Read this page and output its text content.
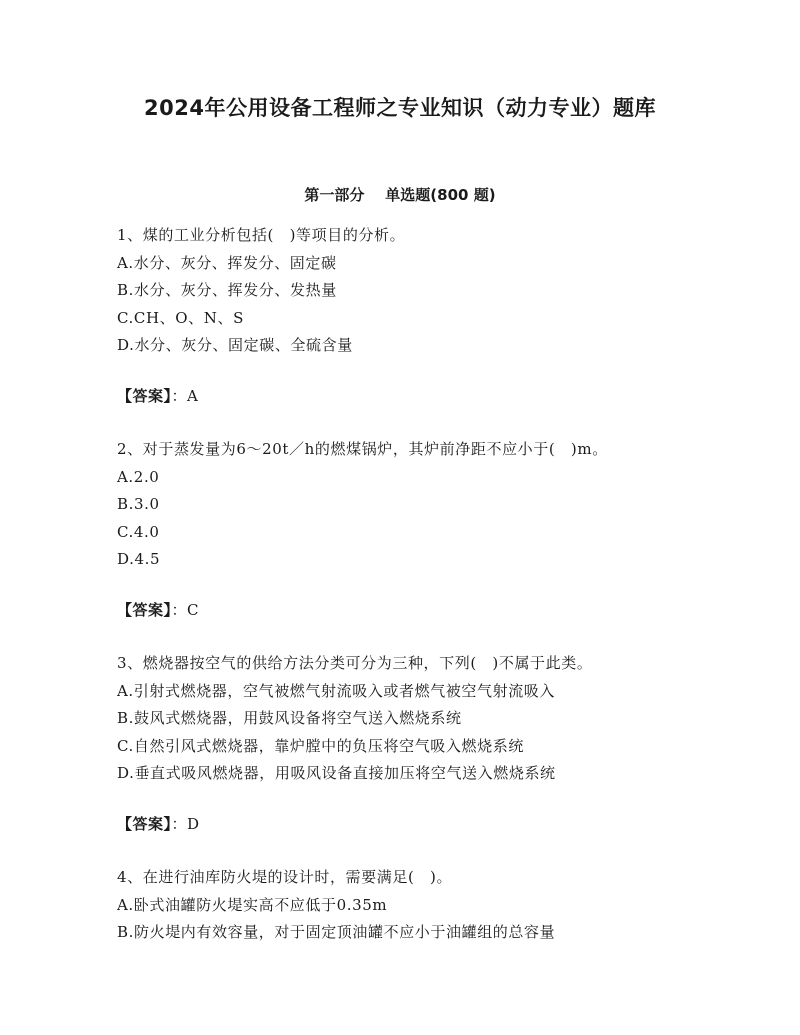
2024年公用设备工程师之专业知识（动力专业）题库
第一部分    单选题(800 题)

1、煤的工业分析包括(　)等项目的分析。

A.水分、灰分、挥发分、固定碳

B.水分、灰分、挥发分、发热量

C.CH、O、N、S

D.水分、灰分、固定碳、全硫含量

【答案】：A

2、对于蒸发量为6～20t／h的燃煤锅炉，其炉前净距不应小于(　)m。

A.2.0

B.3.0

C.4.0

D.4.5

【答案】：C

3、燃烧器按空气的供给方法分类可分为三种，下列(　)不属于此类。

A.引射式燃烧器，空气被燃气射流吸入或者燃气被空气射流吸入

B.鼓风式燃烧器，用鼓风设备将空气送入燃烧系统

C.自然引风式燃烧器，靠炉膛中的负压将空气吸入燃烧系统

D.垂直式吸风燃烧器，用吸风设备直接加压将空气送入燃烧系统

【答案】：D

4、在进行油库防火堤的设计时，需要满足(　)。

A.卧式油罐防火堤实高不应低于0.35m

B.防火堤内有效容量，对于固定顶油罐不应小于油罐组的总容量
